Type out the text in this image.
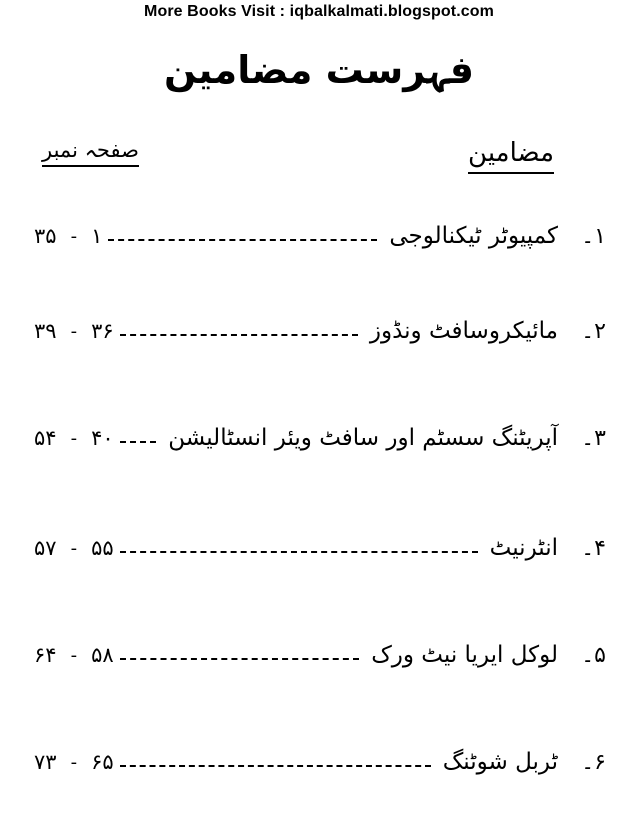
More Books Visit : iqbalkalmati.blogspot.com
فہرست مضامین
مضامین
صفحہ نمبر
۱۔
کمپیوٹر ٹیکنالوجی
۳۵ - ۱
۲۔
مائیکروسافٹ ونڈوز
۳۹ - ۳۶
۳۔
آپریٹنگ سسٹم اور سافٹ ویئر انسٹالیشن
۵۴ - ۴۰
۴۔
انٹرنیٹ
۵۷ - ۵۵
۵۔
لوکل ایریا نیٹ ورک
۶۴ - ۵۸
۶۔
ٹربل شوٹنگ
۷۳ - ۶۵
